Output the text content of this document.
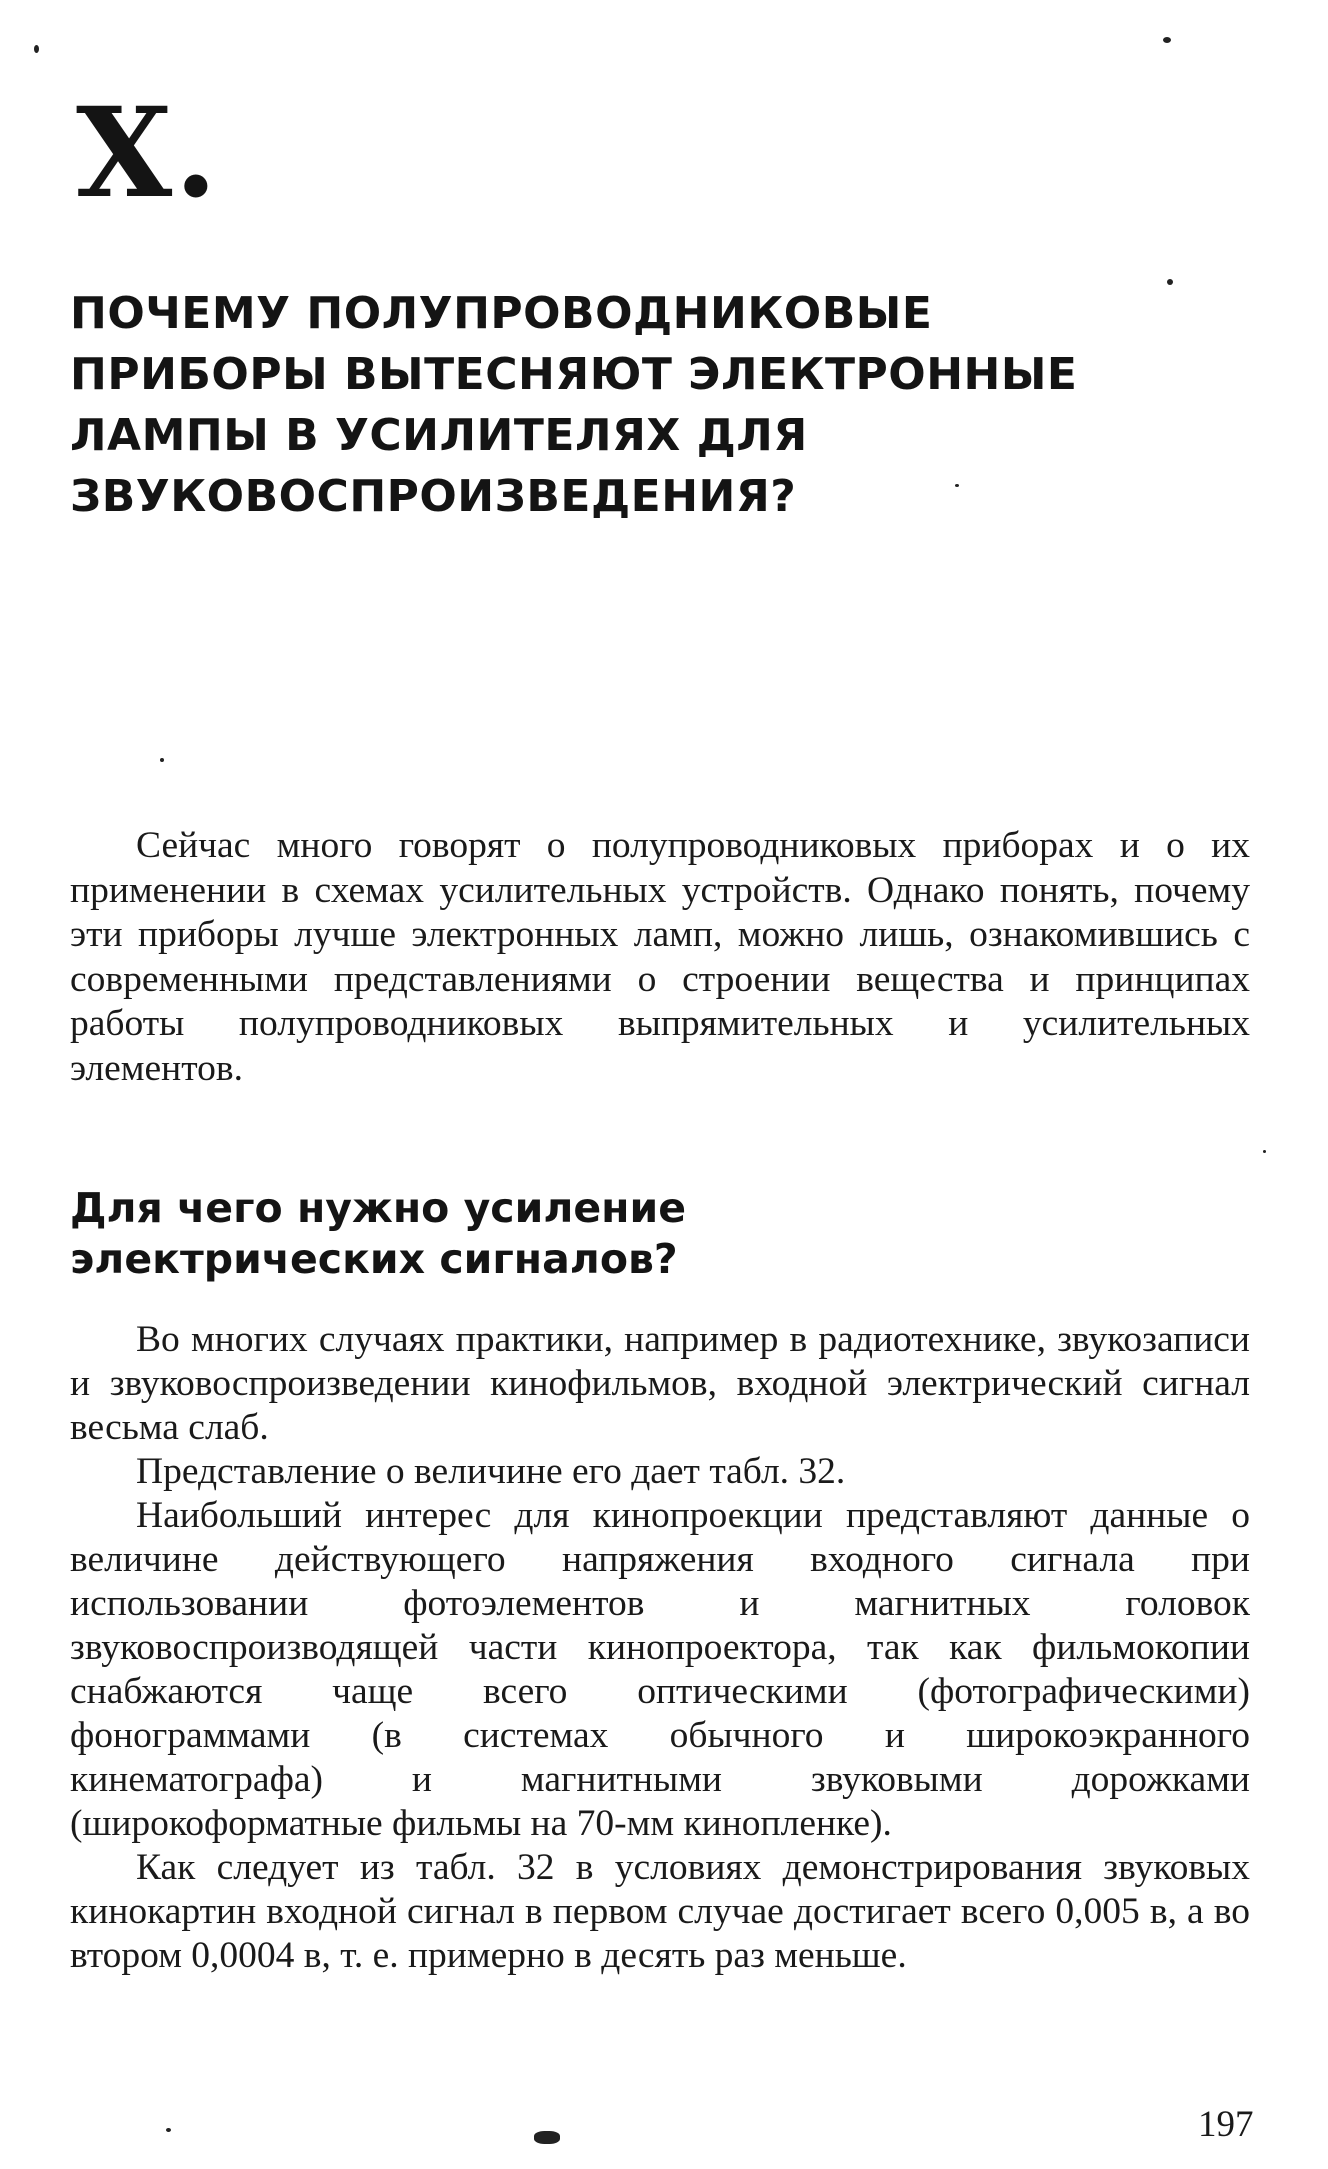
X.
ПОЧЕМУ ПОЛУПРОВОДНИКОВЫЕ
ПРИБОРЫ ВЫТЕСНЯЮТ ЭЛЕКТРОННЫЕ
ЛАМПЫ В УСИЛИТЕЛЯХ ДЛЯ
ЗВУКОВОСПРОИЗВЕДЕНИЯ?

Сейчас много говорят о полупроводниковых приборах и о их применении в схемах усилительных устройств. Однако понять, почему эти приборы лучше электронных ламп, можно лишь, ознакомившись с современными представлениями о строении вещества и принципах работы полупроводниковых выпрямительных и усилительных элементов.

Для чего нужно усиление
электрических сигналов?

Во многих случаях практики, например в радиотехнике, звукозаписи и звуковоспроизведении кинофильмов, входной электрический сигнал весьма слаб.

Представление о величине его дает табл. 32.

Наибольший интерес для кинопроекции представляют данные о величине действующего напряжения входного сигнала при использовании фотоэлементов и магнитных головок звуковоспроизводящей части кинопроектора, так как фильмокопии снабжаются чаще всего оптическими (фотографическими) фонограммами (в системах обычного и широкоэкранного кинематографа) и магнитными звуковыми дорожками (широкоформатные фильмы на 70-мм кинопленке).

Как следует из табл. 32 в условиях демонстрирования звуковых кинокартин входной сигнал в первом случае достигает всего 0,005 в, а во втором 0,0004 в, т. е. примерно в десять раз меньше.

197
